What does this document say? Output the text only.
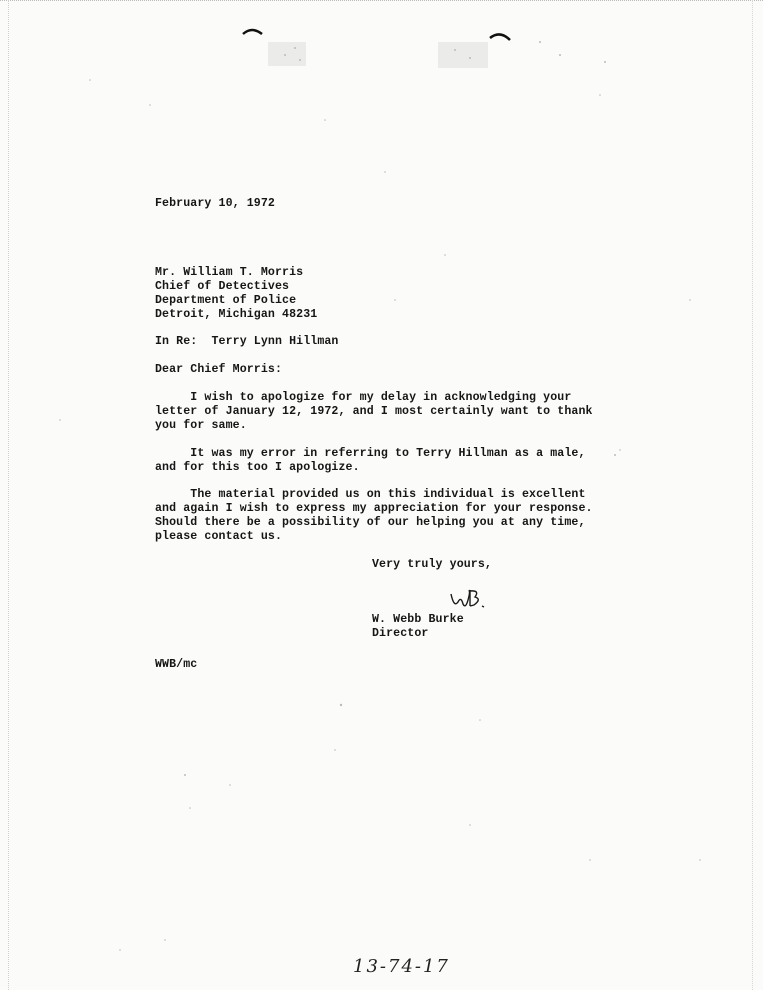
February 10, 1972
Mr. William T. Morris
Chief of Detectives
Department of Police
Detroit, Michigan 48231
In Re:  Terry Lynn Hillman
Dear Chief Morris:
I wish to apologize for my delay in acknowledging your
letter of January 12, 1972, and I most certainly want to thank
you for same.
It was my error in referring to Terry Hillman as a male,
and for this too I apologize.
The material provided us on this individual is excellent
and again I wish to express my appreciation for your response.
Should there be a possibility of our helping you at any time,
please contact us.
Very truly yours,
W. Webb Burke
Director
WWB/mc
13-74-17
